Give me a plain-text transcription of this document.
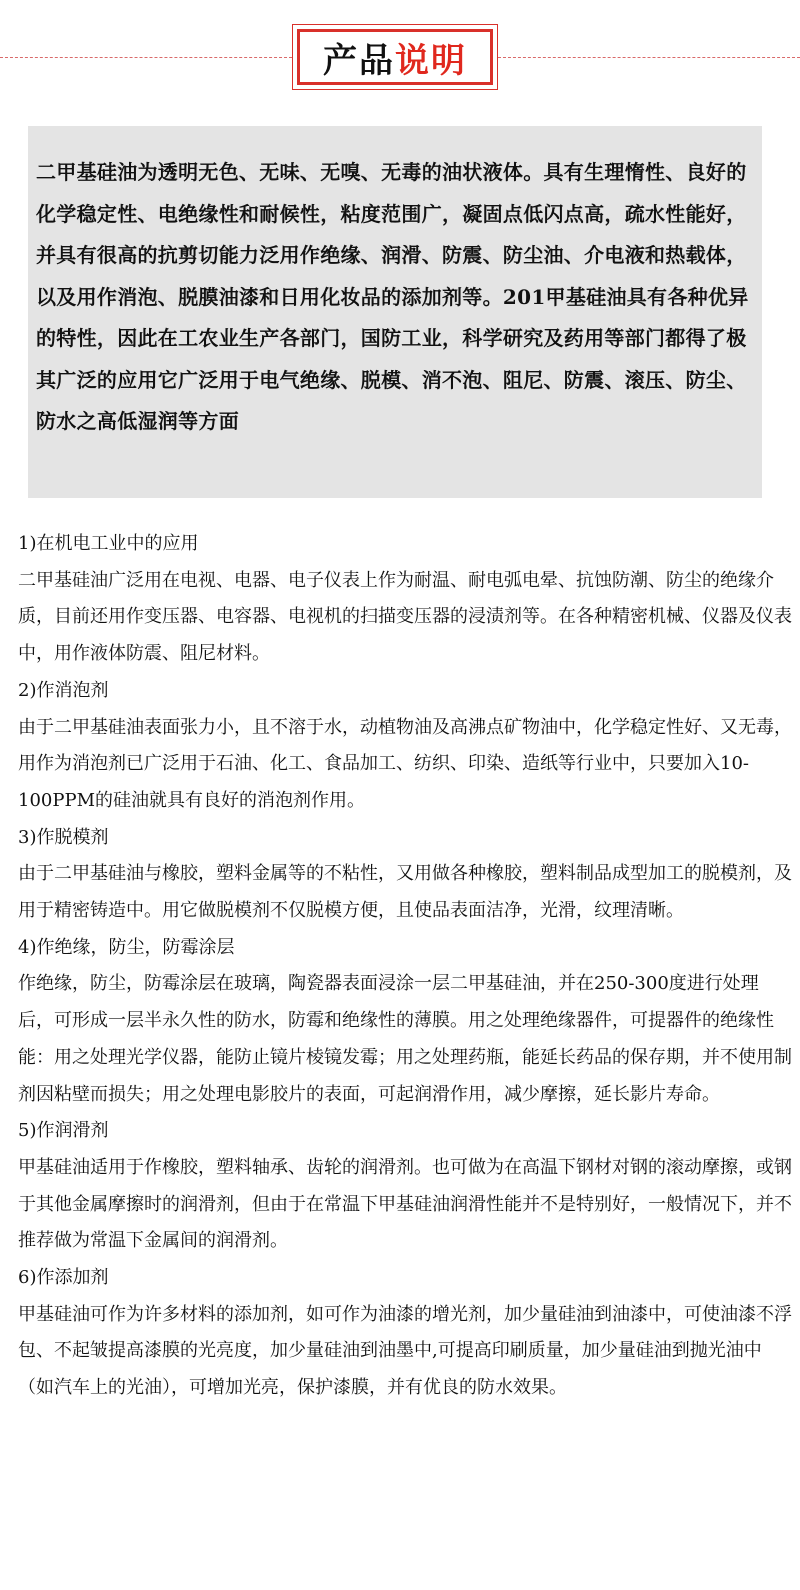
产品 说明
二甲基硅油为透明无色、无味、无嗅、无毒的油状液体。具有生理惰性、良好的化学稳定性、电绝缘性和耐候性，粘度范围广，凝固点低闪点高，疏水性能好，并具有很高的抗剪切能力泛用作绝缘、润滑、防震、防尘油、介电液和热载体，以及用作消泡、脱膜油漆和日用化妆品的添加剂等。201甲基硅油具有各种优异的特性，因此在工农业生产各部门，国防工业，科学研究及药用等部门都得了极其广泛的应用它广泛用于电气绝缘、脱模、消不泡、阻尼、防震、滚压、防尘、防水之高低湿润等方面

1)在机电工业中的应用

二甲基硅油广泛用在电视、电器、电子仪表上作为耐温、耐电弧电晕、抗蚀防潮、防尘的绝缘介质，目前还用作变压器、电容器、电视机的扫描变压器的浸渍剂等。在各种精密机械、仪器及仪表中，用作液体防震、阻尼材料。

2)作消泡剂

由于二甲基硅油表面张力小，且不溶于水，动植物油及高沸点矿物油中，化学稳定性好、又无毒，用作为消泡剂已广泛用于石油、化工、食品加工、纺织、印染、造纸等行业中，只要加入10-100PPM的硅油就具有良好的消泡剂作用。

3)作脱模剂

由于二甲基硅油与橡胶，塑料金属等的不粘性，又用做各种橡胶，塑料制品成型加工的脱模剂，及用于精密铸造中。用它做脱模剂不仅脱模方便，且使品表面洁净，光滑，纹理清晰。

4)作绝缘，防尘，防霉涂层

作绝缘，防尘，防霉涂层在玻璃，陶瓷器表面浸涂一层二甲基硅油，并在250-300度进行处理后，可形成一层半永久性的防水，防霉和绝缘性的薄膜。用之处理绝缘器件，可提器件的绝缘性能：用之处理光学仪器，能防止镜片棱镜发霉；用之处理药瓶，能延长药品的保存期，并不使用制剂因粘壁而损失；用之处理电影胶片的表面，可起润滑作用，减少摩擦，延长影片寿命。

5)作润滑剂

甲基硅油适用于作橡胶，塑料轴承、齿轮的润滑剂。也可做为在高温下钢材对钢的滚动摩擦，或钢于其他金属摩擦时的润滑剂，但由于在常温下甲基硅油润滑性能并不是特别好，一般情况下，并不推荐做为常温下金属间的润滑剂。

6)作添加剂

甲基硅油可作为许多材料的添加剂，如可作为油漆的增光剂，加少量硅油到油漆中，可使油漆不浮包、不起皱提高漆膜的光亮度，加少量硅油到油墨中,可提高印刷质量，加少量硅油到抛光油中（如汽车上的光油），可增加光亮，保护漆膜，并有优良的防水效果。
